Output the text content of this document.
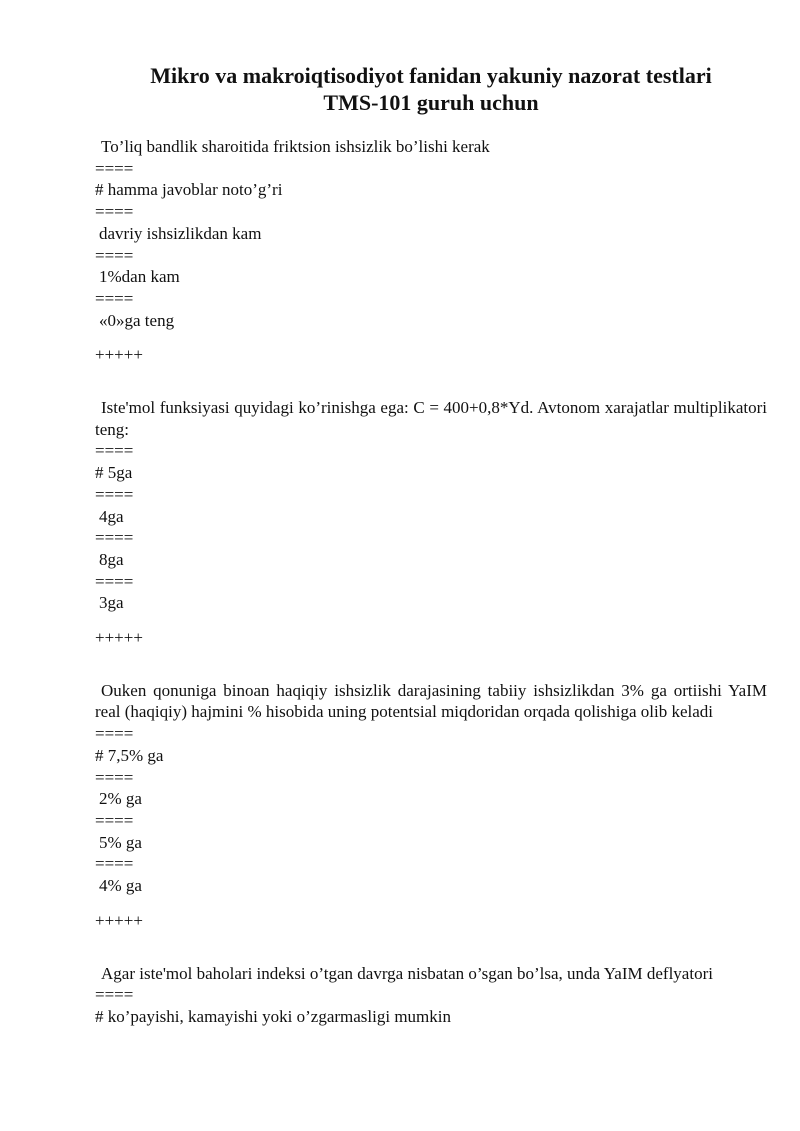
Mikro va makroiqtisodiyot fanidan yakuniy nazorat testlari
TMS-101 guruh uchun
To’liq bandlik sharoitida friktsion ishsizlik bo’lishi kerak
====
# hamma javoblar noto’g’ri
====
davriy ishsizlikdan kam
====
1%dan kam
====
«0»ga teng
+++++
Iste'mol funksiyasi quyidagi ko’rinishga ega: C = 400+0,8*Yd. Avtonom xarajatlar multiplikatori teng:
====
# 5ga
====
4ga
====
8ga
====
3ga
+++++
Ouken qonuniga binoan haqiqiy ishsizlik darajasining tabiiy ishsizlikdan 3% ga ortiishi YaIM real (haqiqiy) hajmini % hisobida uning potentsial miqdoridan orqada qolishiga olib keladi
====
# 7,5% ga
====
2% ga
====
5% ga
====
4% ga
+++++
Agar iste'mol baholari indeksi o’tgan davrga nisbatan o’sgan bo’lsa, unda YaIM deflyatori
====
# ko’payishi, kamayishi yoki o’zgarmasligi mumkin
